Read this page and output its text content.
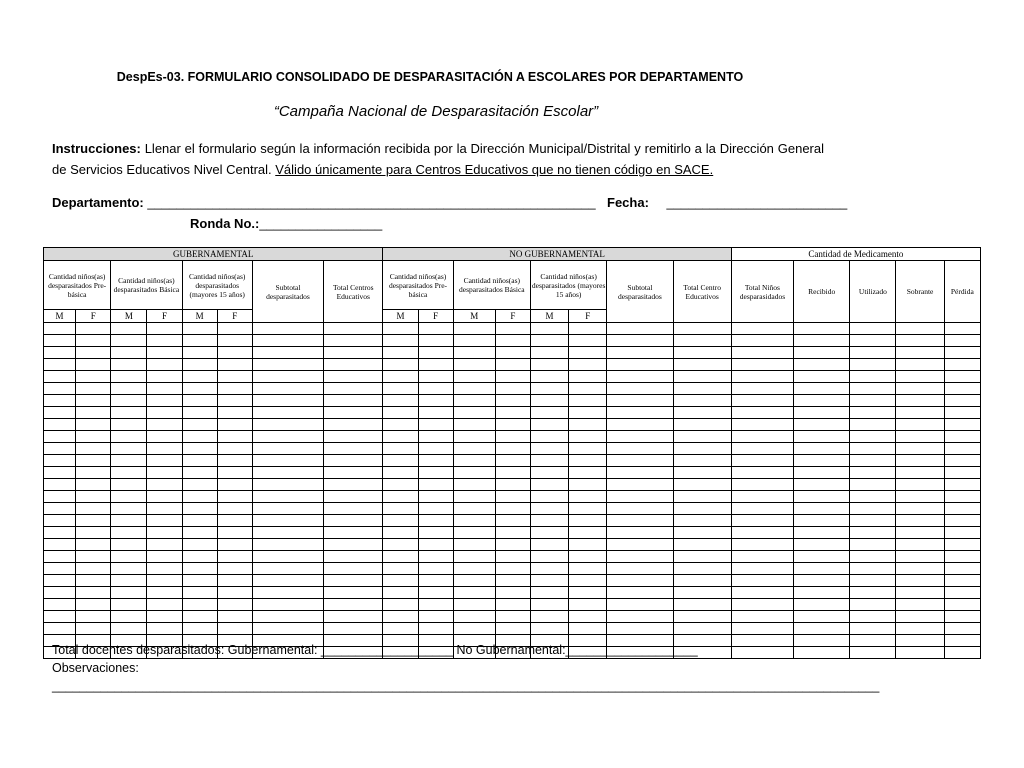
DespEs-03. FORMULARIO CONSOLIDADO DE DESPARASITACIÓN A ESCOLARES POR DEPARTAMENTO
“Campaña Nacional de Desparasitación Escolar”
Instrucciones: Llenar el formulario según la información recibida por la Dirección Municipal/Distrital y remitirlo a la Dirección General de Servicios Educativos Nivel Central. Válido únicamente para Centros Educativos que no tienen código en SACE.
Departamento: ______________________________________________________________ Fecha: _________________________
Ronda No.:_________________
GUBERNAMENTAL								NO GUBERNAMENTAL								Cantidad de Medicamento				
Cantidad niños(as) desparasitados Pre-básica		Cantidad niños(as) desparasitados Básica		Cantidad niños(as) desparasitados (mayores 15 años)		Subtotal desparasitados	Total Centros Educativos	Cantidad niños(as) desparasitados Pre-básica		Cantidad niños(as) desparasitados Básica		Cantidad niños(as) desparasitados (mayores 15 años)		Subtotal desparasitados	Total Centro Educativos	Total Niños desparasidados	Recibido	Utilizado	Sobrante	Pérdida
M	F	M	F	M	F			M	F	M	F	M	F							

Total docentes desparasitados: Gubernamental: ___________________ No Gubernamental:___________________
Observaciones:
_______________________________________________________________________________________________________________________
